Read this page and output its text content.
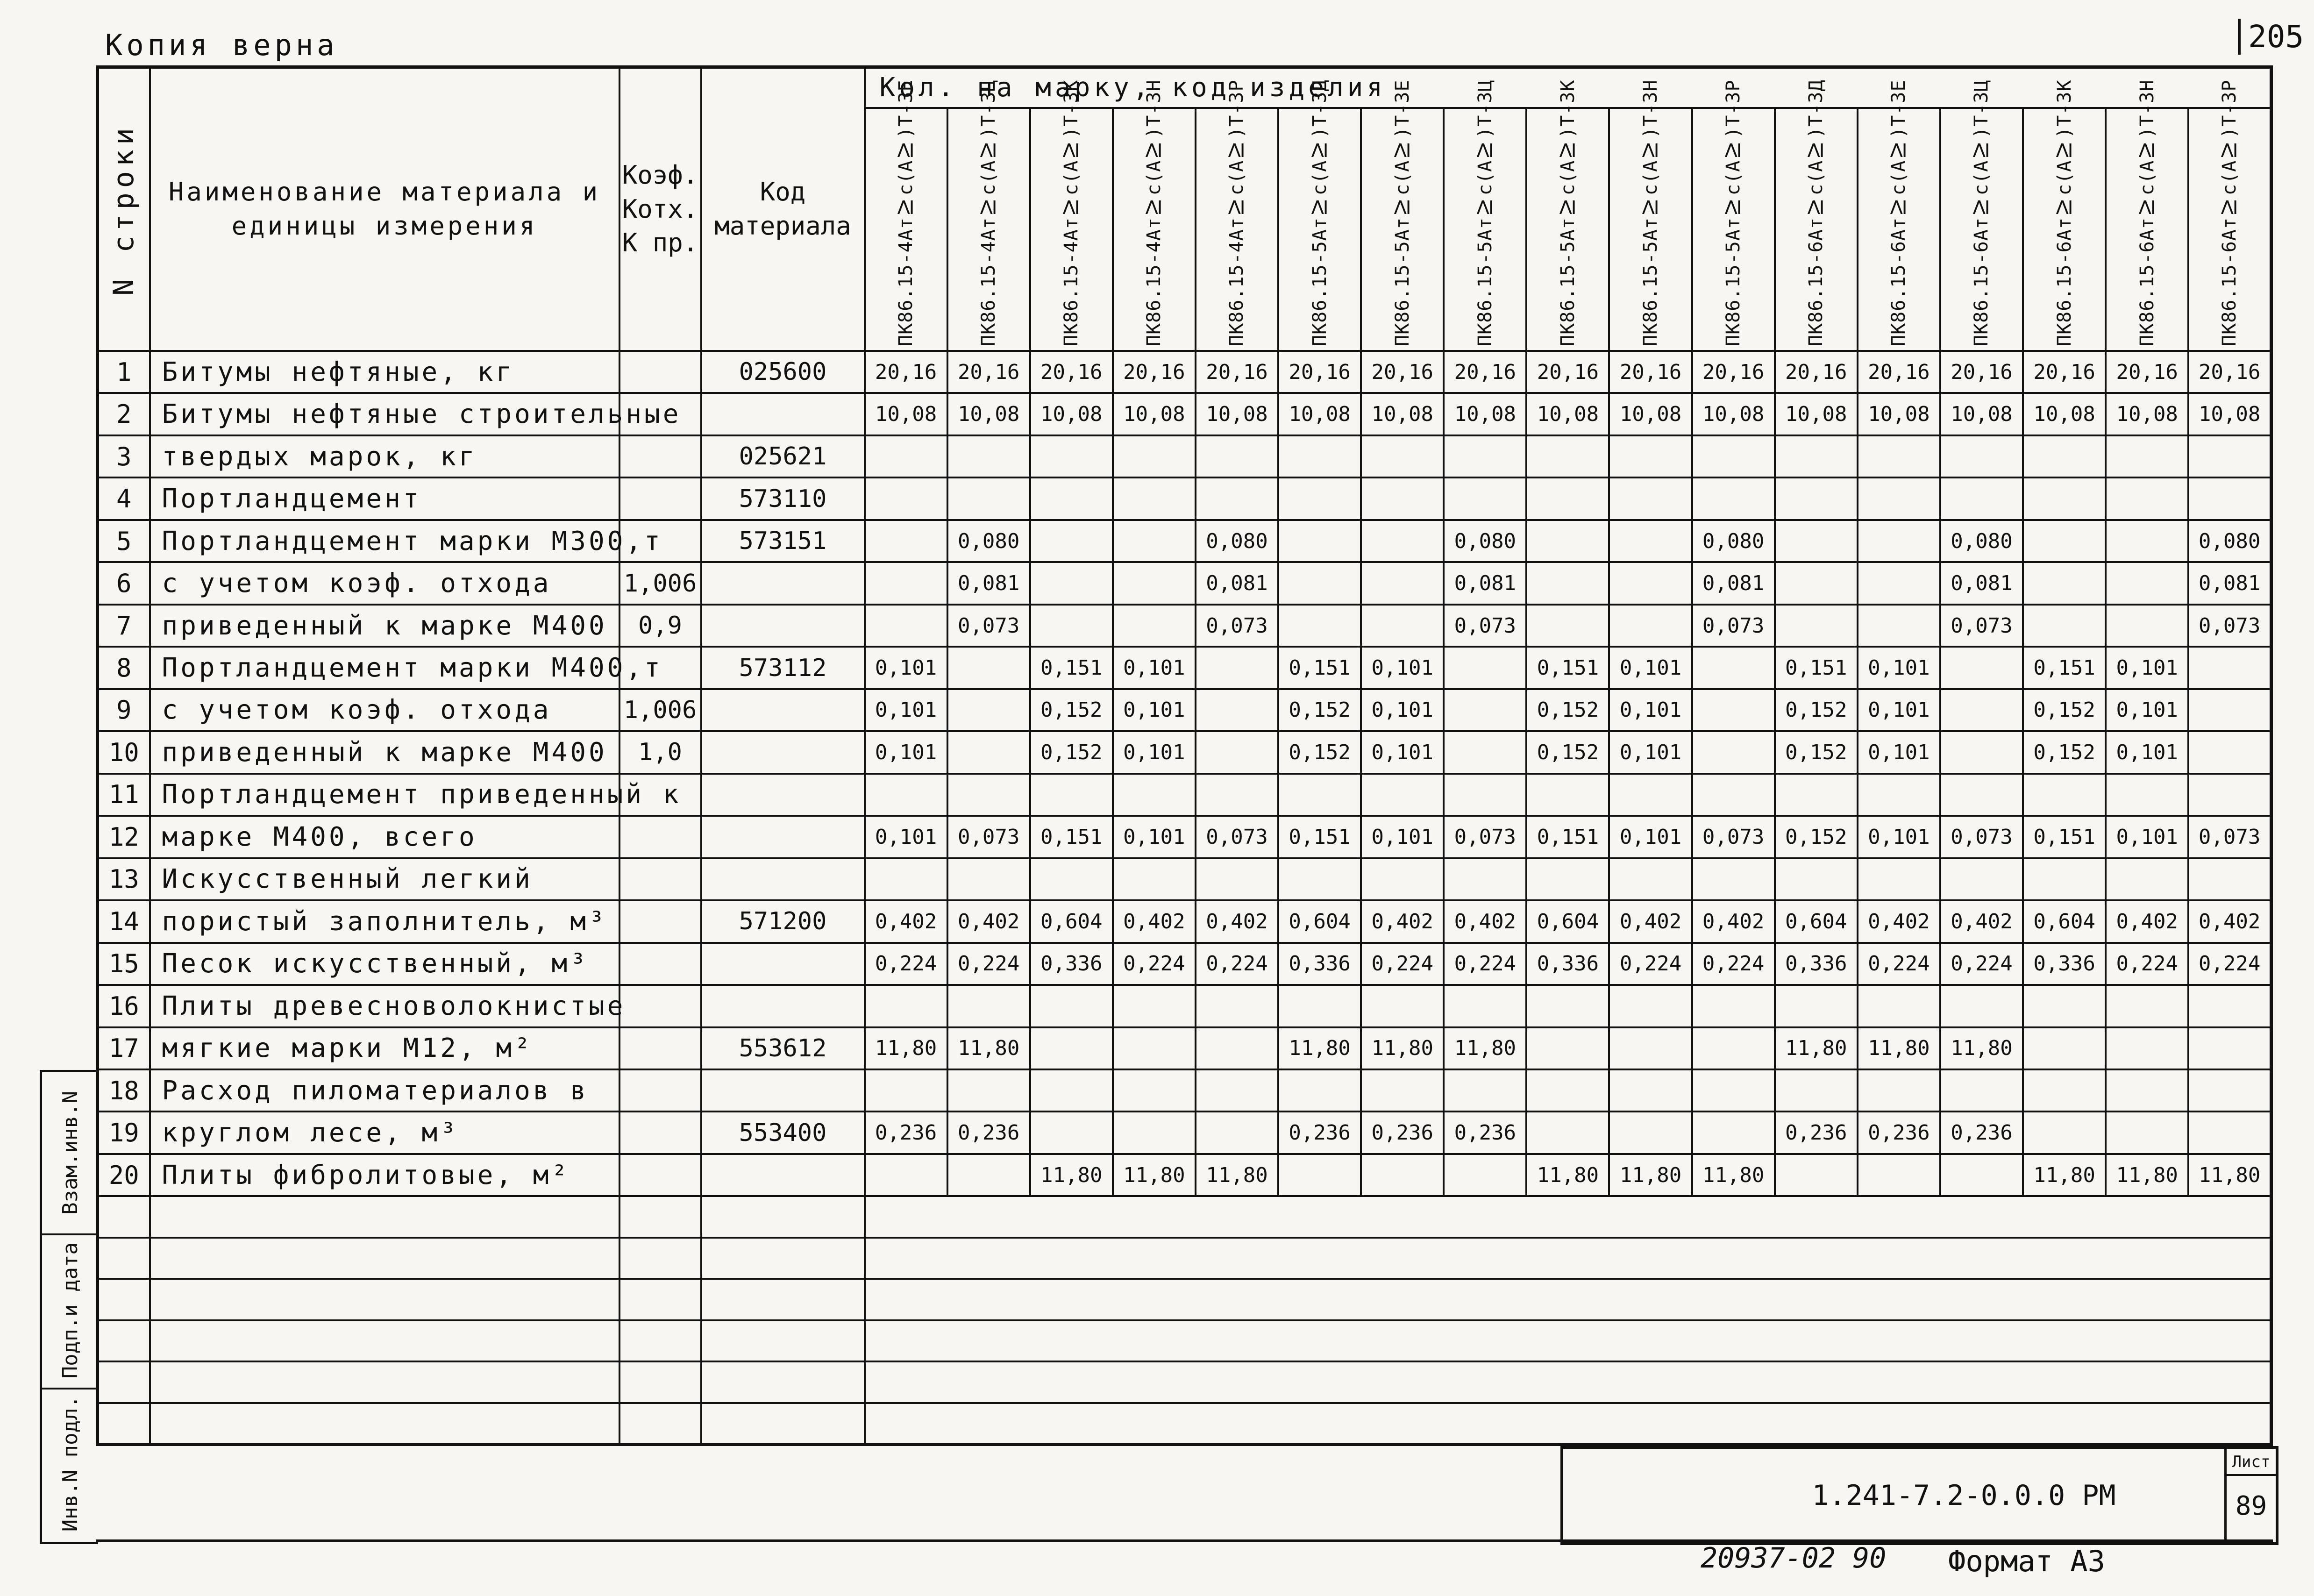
Копия верна	205
N строки	Наименование материала и единицы измерения	Коэф. Котх. К пр.	Код материала	Кол. на марку, код изделия																

				ПК86.15-4АтⅣс(АⅣ)Т-3Е	ПК86.15-4АтⅣс(АⅣ)Т-3Ц	ПК86.15-4АтⅣс(АⅣ)Т-3К	ПК86.15-4АтⅣс(АⅣ)Т-3Н	ПК86.15-4АтⅣс(АⅣ)Т-3Р	ПК86.15-5АтⅣс(АⅣ)Т-3Д	ПК86.15-5АтⅣс(АⅣ)Т-3Е	ПК86.15-5АтⅣс(АⅣ)Т-3Ц	ПК86.15-5АтⅣс(АⅣ)Т-3К	ПК86.15-5АтⅣс(АⅣ)Т-3Н	ПК86.15-5АтⅣс(АⅣ)Т-3Р	ПК86.15-6АтⅣс(АⅣ)Т-3Д	ПК86.15-6АтⅣс(АⅣ)Т-3Е	ПК86.15-6АтⅣс(АⅣ)Т-3Ц	ПК86.15-6АтⅣс(АⅣ)Т-3К	ПК86.15-6АтⅣс(АⅣ)Т-3Н	ПК86.15-6АтⅣс(АⅣ)Т-3Р

1	Битумы нефтяные, кг		025600	20,16	20,16	20,16	20,16	20,16	20,16	20,16	20,16	20,16	20,16	20,16	20,16	20,16	20,16	20,16	20,16	20,16
2	Битумы нефтяные строительные			10,08	10,08	10,08	10,08	10,08	10,08	10,08	10,08	10,08	10,08	10,08	10,08	10,08	10,08	10,08	10,08	10,08
3	твердых марок, кг		025621																	
4	Портландцемент		573110																	
5	Портландцемент марки М300,т		573151		0,080			0,080			0,080			0,080			0,080			0,080
6	с учетом коэф. отхода	1,006			0,081			0,081			0,081			0,081			0,081			0,081
7	приведенный к марке М400	0,9			0,073			0,073			0,073			0,073			0,073			0,073
8	Портландцемент марки М400,т		573112	0,101		0,151	0,101		0,151	0,101		0,151	0,101		0,151	0,101		0,151	0,101	
9	с учетом коэф. отхода	1,006		0,101		0,152	0,101		0,152	0,101		0,152	0,101		0,152	0,101		0,152	0,101	
10	приведенный к марке М400	1,0		0,101		0,152	0,101		0,152	0,101		0,152	0,101		0,152	0,101		0,152	0,101	
11	Портландцемент приведенный к																			
12	марке М400, всего			0,101	0,073	0,151	0,101	0,073	0,151	0,101	0,073	0,151	0,101	0,073	0,152	0,101	0,073	0,151	0,101	0,073
13	Искусственный легкий																			
14	пористый заполнитель, м³		571200	0,402	0,402	0,604	0,402	0,402	0,604	0,402	0,402	0,604	0,402	0,402	0,604	0,402	0,402	0,604	0,402	0,402
15	Песок искусственный, м³			0,224	0,224	0,336	0,224	0,224	0,336	0,224	0,224	0,336	0,224	0,224	0,336	0,224	0,224	0,336	0,224	0,224
16	Плиты древесноволокнистые																			
17	мягкие марки М12, м²		553612	11,80	11,80				11,80	11,80	11,80				11,80	11,80	11,80			
18	Расход пиломатериалов в																			
19	круглом лесе, м³		553400	0,236	0,236				0,236	0,236	0,236				0,236	0,236	0,236			
20	Плиты фибролитовые, м²					11,80	11,80	11,80				11,80	11,80	11,80				11,80	11,80	11,80

Взам.инв.N
Подп.и дата
Инв.N подл.	1.241-7.2-0.0.0 РМ
Лист
89
20937-02 90 Формат А3
